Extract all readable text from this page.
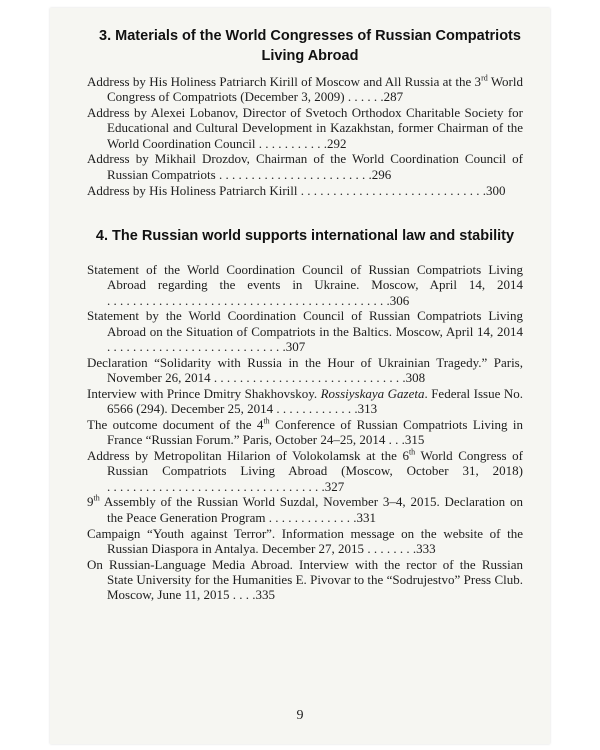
3. Materials of the World Congresses of Russian Compatriots
Living Abroad
Address by His Holiness Patriarch Kirill of Moscow and All Russia at the 3rd World Congress of Compatriots (December 3, 2009) . . . . . .287
Address by Alexei Lobanov, Director of Svetoch Orthodox Charitable Society for Educational and Cultural Development in Kazakhstan, former Chairman of the World Coordination Council . . . . . . . . . . .292
Address by Mikhail Drozdov, Chairman of the World Coordination Council of Russian Compatriots . . . . . . . . . . . . . . . . . . . . . . . .296
Address by His Holiness Patriarch Kirill . . . . . . . . . . . . . . . . . . . . . . . . . . . . .300
4. The Russian world supports international law and stability
Statement of the World Coordination Council of Russian Compatriots Living Abroad regarding the events in Ukraine. Moscow, April 14, 2014 . . . . . . . . . . . . . . . . . . . . . . . . . . . . . . . . . . . . . . . . . . . .306
Statement by the World Coordination Council of Russian Compatriots Living Abroad on the Situation of Compatriots in the Baltics. Moscow, April 14, 2014 . . . . . . . . . . . . . . . . . . . . . . . . . . . .307
Declaration “Solidarity with Russia in the Hour of Ukrainian Tragedy.” Paris, November 26, 2014 . . . . . . . . . . . . . . . . . . . . . . . . . . . . . .308
Interview with Prince Dmitry Shakhovskoy. Rossiyskaya Gazeta. Federal Issue No. 6566 (294). December 25, 2014 . . . . . . . . . . . . .313
The outcome document of the 4th Conference of Russian Compatriots Living in France “Russian Forum.” Paris, October 24–25, 2014 . . .315
Address by Metropolitan Hilarion of Volokolamsk at the 6th World Congress of Russian Compatriots Living Abroad (Moscow, October 31, 2018) . . . . . . . . . . . . . . . . . . . . . . . . . . . . . . . . . .327
9th Assembly of the Russian World Suzdal, November 3–4, 2015. Declaration on the Peace Generation Program . . . . . . . . . . . . . .331
Campaign “Youth against Terror”. Information message on the website of the Russian Diaspora in Antalya. December 27, 2015 . . . . . . . .333
On Russian-Language Media Abroad. Interview with the rector of the Russian State University for the Humanities E. Pivovar to the “Sodrujestvo” Press Club. Moscow, June 11, 2015 . . . .335
9
